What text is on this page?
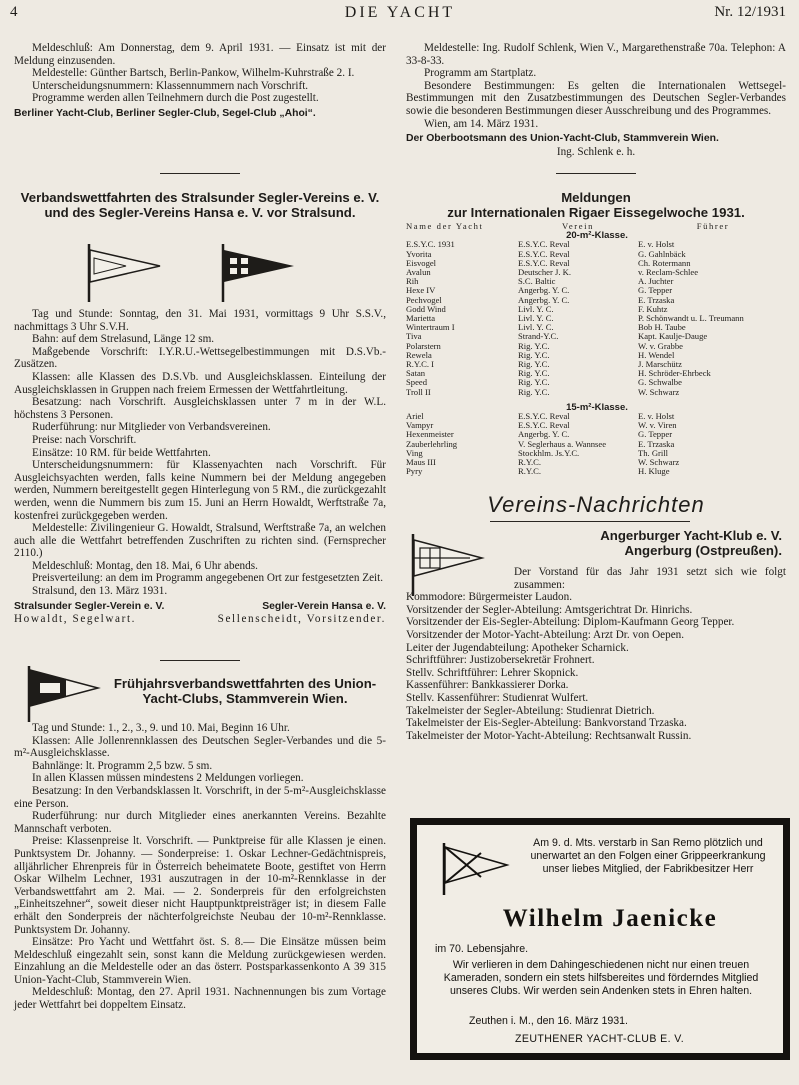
4	DIE YACHT	Nr. 12/1931

Meldeschluß: Am Donnerstag, dem 9. April 1931. — Einsatz ist mit der Meldung einzusenden.

Meldestelle: Günther Bartsch, Berlin-Pankow, Wilhelm-Kuhrstraße 2. I.

Unterscheidungsnummern: Klassennummern nach Vorschrift.

Programme werden allen Teilnehmern durch die Post zugestellt.

Berliner Yacht-Club, Berliner Segler-Club, Segel-Club „Ahoi“.

Meldestelle: Ing. Rudolf Schlenk, Wien V., Margarethenstraße 70a. Telephon: A 33-8-33.

Programm am Startplatz.

Besondere Bestimmungen: Es gelten die Internationalen Wettsegel-Bestimmungen mit den Zusatzbestimmungen des Deutschen Segler-Verbandes sowie die besonderen Bestimmungen dieser Ausschreibung und des Programmes.

Wien, am 14. März 1931.

Der Oberbootsmann des Union-Yacht-Club, Stammverein Wien.

Ing. Schlenk e. h.

Verbandswettfahrten des Stralsunder Segler-Vereins e. V. und des Segler-Vereins Hansa e. V. vor Stralsund.

Tag und Stunde: Sonntag, den 31. Mai 1931, vormittags 9 Uhr S.S.V., nachmittags 3 Uhr S.V.H.

Bahn: auf dem Strelasund, Länge 12 sm.

Maßgebende Vorschrift: I.Y.R.U.-Wettsegelbestimmungen mit D.S.Vb.-Zusätzen.

Klassen: alle Klassen des D.S.Vb. und Ausgleichsklassen. Einteilung der Ausgleichsklassen in Gruppen nach freiem Ermessen der Wettfahrtleitung.

Besatzung: nach Vorschrift. Ausgleichsklassen unter 7 m in der W.L. höchstens 3 Personen.

Ruderführung: nur Mitglieder von Verbandsvereinen.

Preise: nach Vorschrift.

Einsätze: 10 RM. für beide Wettfahrten.

Unterscheidungsnummern: für Klassenyachten nach Vorschrift. Für Ausgleichsyachten werden, falls keine Nummern bei der Meldung angegeben werden, Nummern bereitgestellt gegen Hinterlegung von 5 RM., die zurückgezahlt werden, wenn die Nummern bis zum 15. Juni an Herrn Howaldt, Werftstraße 7a, kostenfrei zurückgegeben werden.

Meldestelle: Zivilingenieur G. Howaldt, Stralsund, Werftstraße 7a, an welchen auch alle die Wettfahrt betreffenden Zuschriften zu richten sind. (Fernsprecher 2110.)

Meldeschluß: Montag, den 18. Mai, 6 Uhr abends.

Preisverteilung: an dem im Programm angegebenen Ort zur festgesetzten Zeit.

Stralsund, den 13. März 1931.

Stralsunder Segler-Verein e. V.	Segler-Verein Hansa e. V.
Howaldt, Segelwart.	Sellenscheidt, Vorsitzender.
Frühjahrsverbandswettfahrten des Union-Yacht-Clubs, Stammverein Wien.

Tag und Stunde: 1., 2., 3., 9. und 10. Mai, Beginn 16 Uhr.

Klassen: Alle Jollenrennklassen des Deutschen Segler-Verbandes und die 5-m²-Ausgleichsklasse.

Bahnlänge: lt. Programm 2,5 bzw. 5 sm.

In allen Klassen müssen mindestens 2 Meldungen vorliegen.

Besatzung: In den Verbandsklassen lt. Vorschrift, in der 5-m²-Ausgleichsklasse eine Person.

Ruderführung: nur durch Mitglieder eines anerkannten Vereins. Bezahlte Mannschaft verboten.

Preise: Klassenpreise lt. Vorschrift. — Punktpreise für alle Klassen je einen. Punktsystem Dr. Johanny. — Sonderpreise: 1. Oskar Lechner-Gedächtnispreis, alljährlicher Ehrenpreis für in Österreich beheimatete Boote, gestiftet von Herrn Oskar Wilhelm Lechner, 1931 auszutragen in der 10-m²-Rennklasse in der Verbandswettfahrt am 2. Mai. — 2. Sonderpreis für den erfolgreichsten „Einheitszehner“, soweit dieser nicht Hauptpunktpreisträger ist; in diesem Falle erhält den Sonderpreis der nächterfolgreichste Neubau der 10-m²-Rennklasse. Punktsystem Dr. Johanny.

Einsätze: Pro Yacht und Wettfahrt öst. S. 8.— Die Einsätze müssen beim Meldeschluß eingezahlt sein, sonst kann die Meldung zurückgewiesen werden. Einzahlung an die Meldestelle oder an das österr. Postsparkassenkonto A 39 315 Union-Yacht-Club, Stammverein Wien.

Meldeschluß: Montag, den 27. April 1931. Nachnennungen bis zum Vortage jeder Wettfahrt bei doppeltem Einsatz.

Meldungen
zur Internationalen Rigaer Eissegelwoche 1931.
Name der Yacht	Verein	Führer
20-m²-Klasse.		
E.S.Y.C. 1931	E.S.Y.C. Reval	E. v. Holst
Yvorita	E.S.Y.C. Reval	G. Gahlnbäck
Eisvogel	E.S.Y.C. Reval	Ch. Rotermann
Avalun	Deutscher J. K.	v. Reclam-Schlee
Rih	S.C. Baltic	A. Juchter
Hexe IV	Angerbg. Y. C.	G. Tepper
Pechvogel	Angerbg. Y. C.	E. Trzaska
Godd Wind	Livl. Y. C.	F. Kuhtz
Marietta	Livl. Y. C.	P. Schönwandt u. L. Treumann
Wintertraum I	Livl. Y. C.	Bob H. Taube
Tiva	Strand-Y.C.	Kapt. Kaulje-Dauge
Polarstern	Rig. Y.C.	W. v. Grabbe
Rewela	Rig. Y.C.	H. Wendel
R.Y.C. I	Rig. Y.C.	J. Marschütz
Satan	Rig. Y.C.	H. Schröder-Ehrbeck
Speed	Rig. Y.C.	G. Schwalbe
Troll II	Rig. Y.C.	W. Schwarz

15-m²-Klasse.		
Ariel	E.S.Y.C. Reval	E. v. Holst
Vampyr	E.S.Y.C. Reval	W. v. Viren
Hexenmeister	Angerbg. Y. C.	G. Tepper
Zauberlehrling	V. Seglerhaus a. Wannsee	E. Trzaska
Ving	Stockhlm. Js.Y.C.	Th. Grill
Maus III	R.Y.C.	W. Schwarz
Pyry	R.Y.C.	H. Kluge
Vereins-Nachrichten
Angerburger Yacht-Klub e. V.
Angerburg (Ostpreußen).

Der Vorstand für das Jahr 1931 setzt sich wie folgt zusammen:

Kommodore: Bürgermeister Laudon.

Vorsitzender der Segler-Abteilung: Amtsgerichtrat Dr. Hinrichs.

Vorsitzender der Eis-Segler-Abteilung: Diplom-Kaufmann Georg Tepper.

Vorsitzender der Motor-Yacht-Abteilung: Arzt Dr. von Oepen.

Leiter der Jugendabteilung: Apotheker Scharnick.

Schriftführer: Justizobersekretär Frohnert.

Stellv. Schriftführer: Lehrer Skopnick.

Kassenführer: Bankkassierer Dorka.

Stellv. Kassenführer: Studienrat Wulfert.

Takelmeister der Segler-Abteilung: Studienrat Dietrich.

Takelmeister der Eis-Segler-Abteilung: Bankvorstand Trzaska.

Takelmeister der Motor-Yacht-Abteilung: Rechtsanwalt Russin.

Am 9. d. Mts. verstarb in San Remo plötzlich und unerwartet an den Folgen einer Grippeerkrankung unser liebes Mitglied, der Fabrikbesitzer Herr
Wilhelm Jaenicke
im 70. Lebensjahre.
Wir verlieren in dem Dahingeschiedenen nicht nur einen treuen Kameraden, sondern ein stets hilfsbereites und förderndes Mitglied unseres Clubs. Wir werden sein Andenken stets in Ehren halten.
Zeuthen i. M., den 16. März 1931.
ZEUTHENER YACHT-CLUB E. V.
